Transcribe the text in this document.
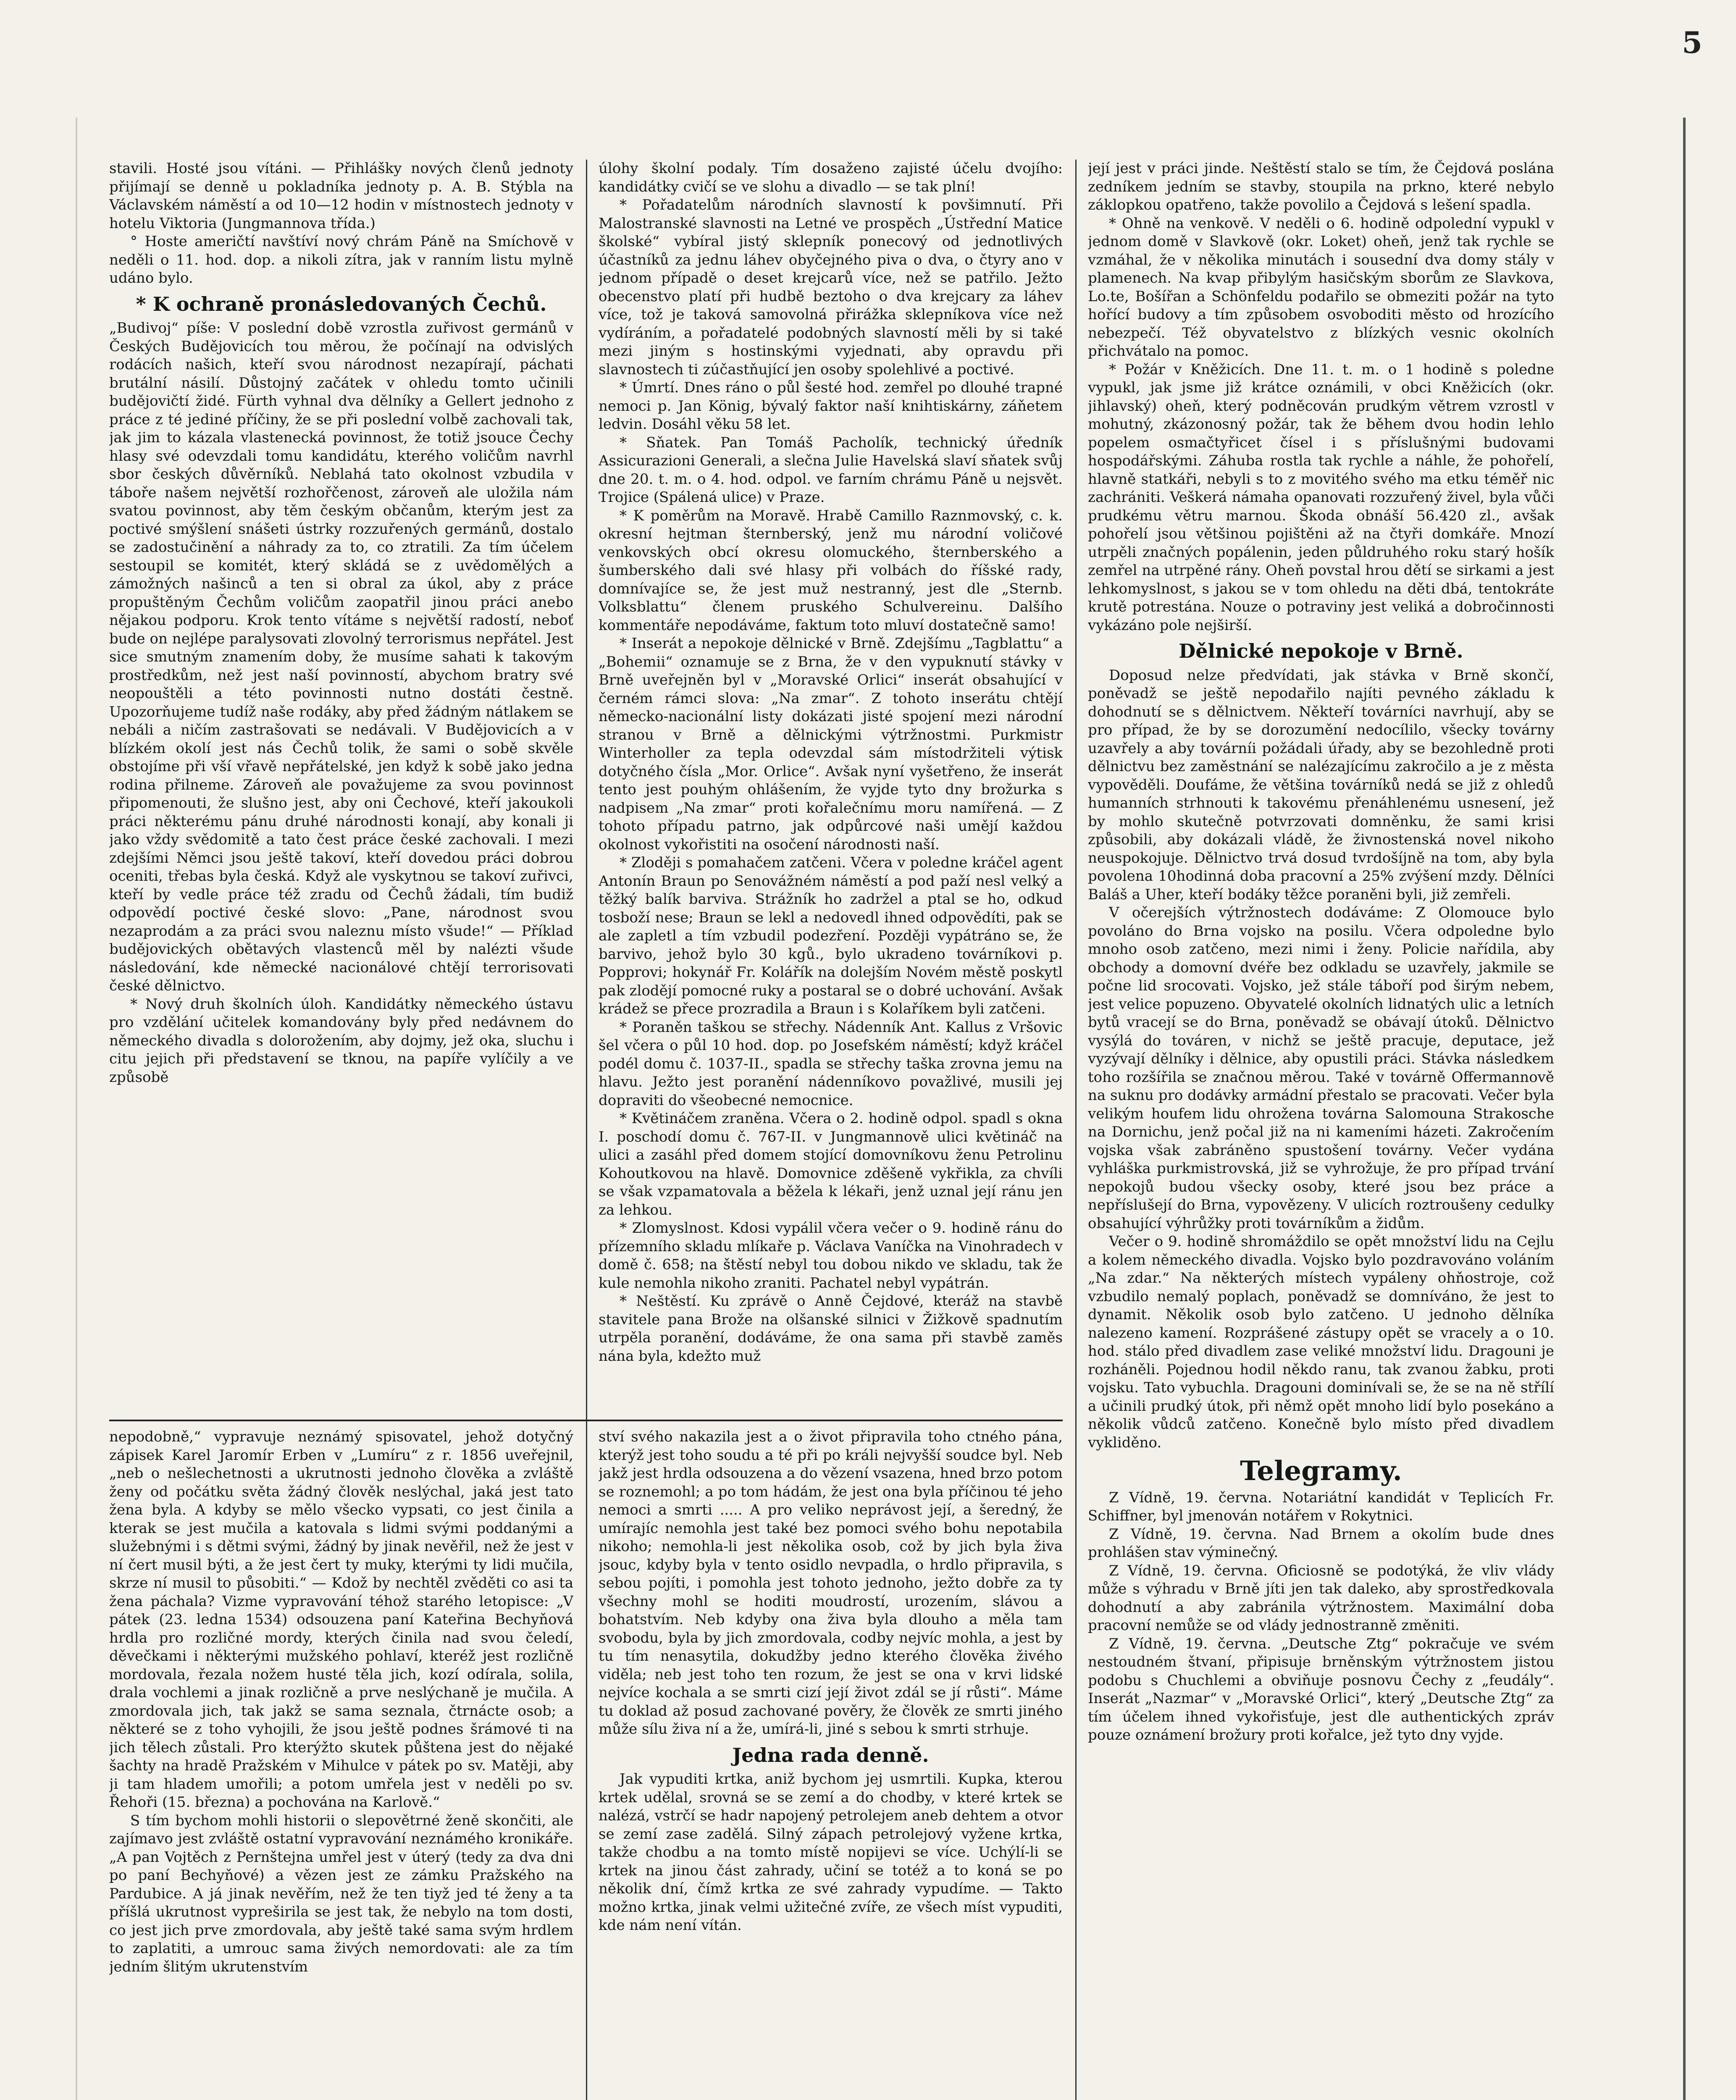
5

stavili. Hosté jsou vítáni. — Přihlášky nových členů jednoty přijímají se denně u pokladníka jednoty p. A. B. Stýbla na Václavském náměstí a od 10—12 hodin v místnostech jednoty v hotelu Viktoria (Jungmannova třída.)

° Hoste američtí navštíví nový chrám Páně na Smíchově v neděli o 11. hod. dop. a nikoli zítra, jak v ranním listu mylně udáno bylo.

* K ochraně pronásledovaných Čechů.

„Budivoj“ píše: V poslední době vzrostla zuřivost germánů v Českých Budějovicích tou měrou, že počínají na odvislých rodácích našich, kteří svou národnost nezapírají, páchati brutální násilí. Důstojný začátek v ohledu tomto učinili budějovičtí židé. Fürth vyhnal dva dělníky a Gellert jednoho z práce z té jediné příčiny, že se při poslední volbě zachovali tak, jak jim to kázala vlastenecká povinnost, že totiž jsouce Čechy hlasy své odevzdali tomu kandidátu, kterého voličům navrhl sbor českých důvěrníků. Neblahá tato okolnost vzbudila v táboře našem největší rozhořčenost, zároveň ale uložila nám svatou povinnost, aby těm českým občanům, kterým jest za poctivé smýšlení snášeti ústrky rozzuřených germánů, dostalo se zadostučinění a náhrady za to, co ztratili. Za tím účelem sestoupil se komitét, který skládá se z uvědomělých a zámožných našinců a ten si obral za úkol, aby z práce propuštěným Čechům voličům zaopatřil jinou práci anebo nějakou podporu. Krok tento vítáme s největší radostí, neboť bude on nejlépe paralysovati zlovolný terrorismus nepřátel. Jest sice smutným znamením doby, že musíme sahati k takovým prostředkům, než jest naší povinností, abychom bratry své neopouštěli a této povinnosti nutno dostáti čestně. Upozorňujeme tudíž naše rodáky, aby před žádným nátlakem se nebáli a ničím zastrašovati se nedávali. V Budějovicích a v blízkém okolí jest nás Čechů tolik, že sami o sobě skvěle obstojíme při vší vřavě nepřátelské, jen když k sobě jako jedna rodina přilneme. Zároveň ale považujeme za svou povinnost připomenouti, že slušno jest, aby oni Čechové, kteří jakoukoli práci některému pánu druhé národnosti konají, aby konali ji jako vždy svědomitě a tato čest práce české zachovali. I mezi zdejšími Němci jsou ještě takoví, kteří dovedou práci dobrou oceniti, třebas byla česká. Když ale vyskytnou se takoví zuřivci, kteří by vedle práce též zradu od Čechů žádali, tím budiž odpovědí poctivé české slovo: „Pane, národnost svou nezaprodám a za práci svou naleznu místo všude!“ — Příklad budějovických obětavých vlastenců měl by nalézti všude následování, kde německé nacionálové chtějí terrorisovati české dělnictvo.

* Nový druh školních úloh. Kandidátky německého ústavu pro vzdělání učitelek komandovány byly před nedávnem do německého divadla s dolorožením, aby dojmy, jež oka, sluchu i citu jejich při představení se tknou, na papíře vylíčily a ve způsobě

úlohy školní podaly. Tím dosaženo zajisté účelu dvojího: kandidátky cvičí se ve slohu a divadlo — se tak plní!

* Pořadatelům národních slavností k povšimnutí. Při Malostranské slavnosti na Letné ve prospěch „Ústřední Matice školské“ vybíral jistý sklepník ponecový od jednotlivých účastníků za jednu láhev obyčejného piva o dva, o čtyry ano v jednom případě o deset krejcarů více, než se patřilo. Ježto obecenstvo platí při hudbě beztoho o dva krejcary za láhev více, tož je taková samovolná přirážka sklepníkova více než vydíráním, a pořadatelé podobných slavností měli by si také mezi jiným s hostinskými vyjednati, aby opravdu při slavnostech ti zúčastňující jen osoby spolehlivé a poctivé.

* Úmrtí. Dnes ráno o půl šesté hod. zemřel po dlouhé trapné nemoci p. Jan König, bývalý faktor naší knihtiskárny, záňetem ledvin. Dosáhl věku 58 let.

* Sňatek. Pan Tomáš Pacholík, technický úředník Assicurazioni Generali, a slečna Julie Havelská slaví sňatek svůj dne 20. t. m. o 4. hod. odpol. ve farním chrámu Páně u nejsvět. Trojice (Spálená ulice) v Praze.

* K poměrům na Moravě. Hrabě Camillo Raznmovský, c. k. okresní hejtman šternberský, jenž mu národní voličové venkovských obcí okresu olomuckého, šternberského a šumberského dali své hlasy při volbách do říšské rady, domnívajíce se, že jest muž nestranný, jest dle „Sternb. Volksblattu“ členem pruského Schulvereinu. Dalšího kommentáře nepodáváme, faktum toto mluví dostatečně samo!

* Inserát a nepokoje dělnické v Brně. Zdejšímu „Tagblattu“ a „Bohemii“ oznamuje se z Brna, že v den vypuknutí stávky v Brně uveřejněn byl v „Moravské Orlici“ inserát obsahující v černém rámci slova: „Na zmar“. Z tohoto inserátu chtějí německo-nacionální listy dokázati jisté spojení mezi národní stranou v Brně a dělnickými výtržnostmi. Purkmistr Winterholler za tepla odevzdal sám místodržiteli výtisk dotyčného čísla „Mor. Orlice“. Avšak nyní vyšetřeno, že inserát tento jest pouhým ohlášením, že vyjde tyto dny brožurka s nadpisem „Na zmar“ proti kořalečnímu moru namířená. — Z tohoto případu patrno, jak odpůrcové naši umějí každou okolnost vykořistiti na osočení národnosti naší.

* Zloději s pomahačem zatčeni. Včera v poledne kráčel agent Antonín Braun po Senovážném náměstí a pod paží nesl velký a těžký balík barviva. Strážník ho zadržel a ptal se ho, odkud tosboží nese; Braun se lekl a nedovedl ihned odpovědíti, pak se ale zapletl a tím vzbudil podezření. Později vypátráno se, že barvivo, jehož bylo 30 kgů., bylo ukradeno továrníkovi p. Popprovi; hokynář Fr. Kolářík na dolejším Novém městě poskytl pak zlodějí pomocné ruky a postaral se o dobré uchování. Avšak krádež se přece prozradila a Braun i s Kolaříkem byli zatčeni.

* Poraněn taškou se střechy. Nádenník Ant. Kallus z Vršovic šel včera o půl 10 hod. dop. po Josefském náměstí; když kráčel podél domu č. 1037-II., spadla se střechy taška zrovna jemu na hlavu. Ježto jest poranění nádenníkovo považlivé, musili jej dopraviti do všeobecné nemocnice.

* Květináčem zraněna. Včera o 2. hodině odpol. spadl s okna I. poschodí domu č. 767-II. v Jungmannově ulici květináč na ulici a zasáhl před domem stojící domovníkovu ženu Petrolinu Kohoutkovou na hlavě. Domovnice zděšeně vykřikla, za chvíli se však vzpamatovala a běžela k lékaři, jenž uznal její ránu jen za lehkou.

* Zlomyslnost. Kdosi vypálil včera večer o 9. hodině ránu do přízemního skladu mlíkaře p. Václava Vaníčka na Vinohradech v domě č. 658; na štěstí nebyl tou dobou nikdo ve skladu, tak že kule nemohla nikoho zraniti. Pachatel nebyl vypátrán.

* Neštěstí. Ku zprávě o Anně Čejdové, kteráž na stavbě stavitele pana Brože na olšanské silnici v Žižkově spadnutím utrpěla poranění, dodáváme, že ona sama při stavbě zaměs nána byla, kdežto muž

její jest v práci jinde. Neštěstí stalo se tím, že Čejdová poslána zedníkem jedním se stavby, stoupila na prkno, které nebylo záklopkou opatřeno, takže povolilo a Čejdová s lešení spadla.

* Ohně na venkově. V neděli o 6. hodině odpolední vypukl v jednom domě v Slavkově (okr. Loket) oheň, jenž tak rychle se vzmáhal, že v několika minutách i sousední dva domy stály v plamenech. Na kvap přibylým hasičským sborům ze Slavkova, Lo.te, Bošířan a Schönfeldu podařilo se obmeziti požár na tyto hořící budovy a tím způsobem osvoboditi město od hrozícího nebezpečí. Též obyvatelstvo z blízkých vesnic okolních přichvátalo na pomoc.

* Požár v Kněžicích. Dne 11. t. m. o 1 hodině s poledne vypukl, jak jsme již krátce oznámili, v obci Kněžicích (okr. jihlavský) oheň, který podněcován prudkým větrem vzrostl v mohutný, zkázonosný požár, tak že během dvou hodin lehlo popelem osmačtyřicet čísel i s příslušnými budovami hospodářskými. Záhuba rostla tak rychle a náhle, že pohořelí, hlavně statkáři, nebyli s to z movitého svého ma etku téměř nic zachrániti. Veškerá námaha opanovati rozzuřený živel, byla vůči prudkému větru marnou. Škoda obnáší 56.420 zl., avšak pohořelí jsou většinou pojištěni až na čtyři domkáře. Mnozí utrpěli značných popálenin, jeden půldruhého roku starý hošík zemřel na utrpěné rány. Oheň povstal hrou dětí se sirkami a jest lehkomyslnost, s jakou se v tom ohledu na děti dbá, tentokráte krutě potrestána. Nouze o potraviny jest veliká a dobročinnosti vykázáno pole nejširší.

Dělnické nepokoje v Brně.

Doposud nelze předvídati, jak stávka v Brně skončí, poněvadž se ještě nepodařilo najíti pevného základu k dohodnutí se s dělnictvem. Někteří továrníci navrhují, aby se pro případ, že by se dorozumění nedocílilo, všecky továrny uzavřely a aby továrníi požádali úřady, aby se bezohledně proti dělnictvu bez zaměstnání se nalézajícímu zakročilo a je z města vypověděli. Doufáme, že většina továrníků nedá se již z ohledů humanních strhnouti k takovému přenáhlenému usnesení, jež by mohlo skutečně potvrzovati domněnku, že sami krisi způsobili, aby dokázali vládě, že živnostenská novel nikoho neuspokojuje. Dělnictvo trvá dosud tvrdošíjně na tom, aby byla povolena 10hodinná doba pracovní a 25% zvýšení mzdy. Dělníci Baláš a Uher, kteří bodáky těžce poraněni byli, již zemřeli.

V očerejších výtržnostech dodáváme: Z Olomouce bylo povoláno do Brna vojsko na posilu. Včera odpoledne bylo mnoho osob zatčeno, mezi nimi i ženy. Policie nařídila, aby obchody a domovní dvéře bez odkladu se uzavřely, jakmile se počne lid srocovati. Vojsko, jež stále táboří pod širým nebem, jest velice popuzeno. Obyvatelé okolních lidnatých ulic a letních bytů vracejí se do Brna, poněvadž se obávají útoků. Dělnictvo vysýlá do továren, v nichž se ještě pracuje, deputace, jež vyzývají dělníky i dělnice, aby opustili práci. Stávka následkem toho rozšířila se značnou měrou. Také v továrně Offermannově na suknu pro dodávky armádní přestalo se pracovati. Večer byla velikým houfem lidu ohrožena továrna Salomouna Strakosche na Dornichu, jenž počal již na ni kameními házeti. Zakročením vojska však zabráněno spustošení továrny. Večer vydána vyhláška purkmistrovská, již se vyhrožuje, že pro případ trvání nepokojů budou všecky osoby, které jsou bez práce a nepříslušejí do Brna, vypovězeny. V ulicích roztroušeny cedulky obsahující výhrůžky proti továrníkům a židům.

Večer o 9. hodině shromáždilo se opět množství lidu na Cejlu a kolem německého divadla. Vojsko bylo pozdravováno voláním „Na zdar.“ Na některých místech vypáleny ohňostroje, což vzbudilo nemalý poplach, poněvadž se domníváno, že jest to dynamit. Několik osob bylo zatčeno. U jednoho dělníka nalezeno kamení. Rozprášené zástupy opět se vracely a o 10. hod. stálo před divadlem zase veliké množství lidu. Dragouni je rozháněli. Pojednou hodil někdo ranu, tak zvanou žabku, proti vojsku. Tato vybuchla. Dragouni dominívali se, že se na ně střílí a učinili prudký útok, při němž opět mnoho lidí bylo posekáno a několik vůdců zatčeno. Konečně bylo místo před divadlem vykliděno.

Telegramy.

Z Vídně, 19. června. Notariátní kandidát v Teplicích Fr. Schiffner, byl jmenován notářem v Rokytnici.

Z Vídně, 19. června. Nad Brnem a okolím bude dnes prohlášen stav výminečný.

Z Vídně, 19. června. Oficiosně se podotýká, že vliv vlády může s výhradu v Brně jíti jen tak daleko, aby sprostředkovala dohodnutí a aby zabránila výtržnostem. Maximální doba pracovní nemůže se od vlády jednostranně změniti.

Z Vídně, 19. června. „Deutsche Ztg“ pokračuje ve svém nestoudném štvaní, připisuje brněnským výtržnostem jistou podobu s Chuchlemi a obviňuje posnovu Čechy z „feudály“. Inserát „Nazmar“ v „Moravské Orlici“, který „Deutsche Ztg“ za tím účelem ihned vykořisťuje, jest dle authentických zpráv pouze oznámení brožury proti kořalce, jež tyto dny vyjde.

nepodobně,“ vypravuje neznámý spisovatel, jehož dotyčný zápisek Karel Jaromír Erben v „Lumíru“ z r. 1856 uveřejnil, „neb o nešlechetnosti a ukrutnosti jednoho člověka a zvláště ženy od počátku světa žádný člověk neslýchal, jaká jest tato žena byla. A kdyby se mělo všecko vypsati, co jest činila a kterak se jest mučila a katovala s lidmi svými poddanými a služebnými i s dětmi svými, žádný by jinak nevěřil, než že jest v ní čert musil býti, a že jest čert ty muky, kterými ty lidi mučila, skrze ní musil to působiti.“ — Kdož by nechtěl zvěděti co asi ta žena páchala? Vizme vypravování téhož starého letopisce: „V pátek (23. ledna 1534) odsouzena paní Kateřina Bechyňová hrdla pro rozličné mordy, kterých činila nad svou čeledí, děvečkami i některými mužského pohlaví, kteréž jest rozličně mordovala, řezala nožem husté těla jich, kozí odírala, solila, drala vochlemi a jinak rozličně a prve neslýchaně je mučila. A zmordovala jich, tak jakž se sama seznala, čtrnácte osob; a některé se z toho vyhojili, že jsou ještě podnes šrámové ti na jich tělech zůstali. Pro kterýžto skutek půštena jest do nějaké šachty na hradě Pražském v Mihulce v pátek po sv. Matěji, aby ji tam hladem umořili; a potom umřela jest v neděli po sv. Řehoři (15. března) a pochována na Karlově.“

S tím bychom mohli historii o slepovětrné ženě skončiti, ale zajímavo jest zvláště ostatní vypravování neznámého kronikáře. „A pan Vojtěch z Pernštejna umřel jest v úterý (tedy za dva dni po paní Bechyňové) a vězen jest ze zámku Pražského na Pardubice. A já jinak nevěřím, než že ten tiyž jed té ženy a ta příšlá ukrutnost vypreširila se jest tak, že nebylo na tom dosti, co jest jich prve zmordovala, aby ještě také sama svým hrdlem to zaplatiti, a umrouc sama živých nemordovati: ale za tím jedním šlitým ukrutenstvím

ství svého nakazila jest a o život připravila toho ctného pána, kterýž jest toho soudu a té při po králi nejvyšší soudce byl. Neb jakž jest hrdla odsouzena a do vězení vsazena, hned brzo potom se roznemohl; a po tom hádám, že jest ona byla příčinou té jeho nemoci a smrti ..... A pro veliko neprávost její, a šeredný, že umírajíc nemohla jest také bez pomoci svého bohu nepotabila nikoho; nemohla-li jest několika osob, což by jich byla živa jsouc, kdyby byla v tento osidlo nevpadla, o hrdlo připravila, s sebou pojíti, i pomohla jest tohoto jednoho, ježto dobře za ty všechny mohl se hoditi moudrostí, urozením, slávou a bohatstvím. Neb kdyby ona živa byla dlouho a měla tam svobodu, byla by jich zmordovala, codby nejvíc mohla, a jest by tu tím nenasytila, dokudžby jedno kterého člověka živého viděla; neb jest toho ten rozum, že jest se ona v krvi lidské nejvíce kochala a se smrti cizí její život zdál se jí růsti“. Máme tu doklad až posud zachované pověry, že člověk ze smrti jiného může sílu živa ní a že, umírá-li, jiné s sebou k smrti strhuje.

Jedna rada denně.

Jak vypuditi krtka, aniž bychom jej usmrtili. Kupka, kterou krtek udělal, srovná se se zemí a do chodby, v které krtek se nalézá, vstrčí se hadr napojený petrolejem aneb dehtem a otvor se zemí zase zadělá. Silný zápach petrolejový vyžene krtka, takže chodbu a na tomto místě nopijevi se více. Uchýlí-li se krtek na jinou část zahrady, učiní se totéž a to koná se po několik dní, čímž krtka ze své zahrady vypudíme. — Takto možno krtka, jinak velmi užitečné zvíře, ze všech míst vypuditi, kde nám není vítán.
